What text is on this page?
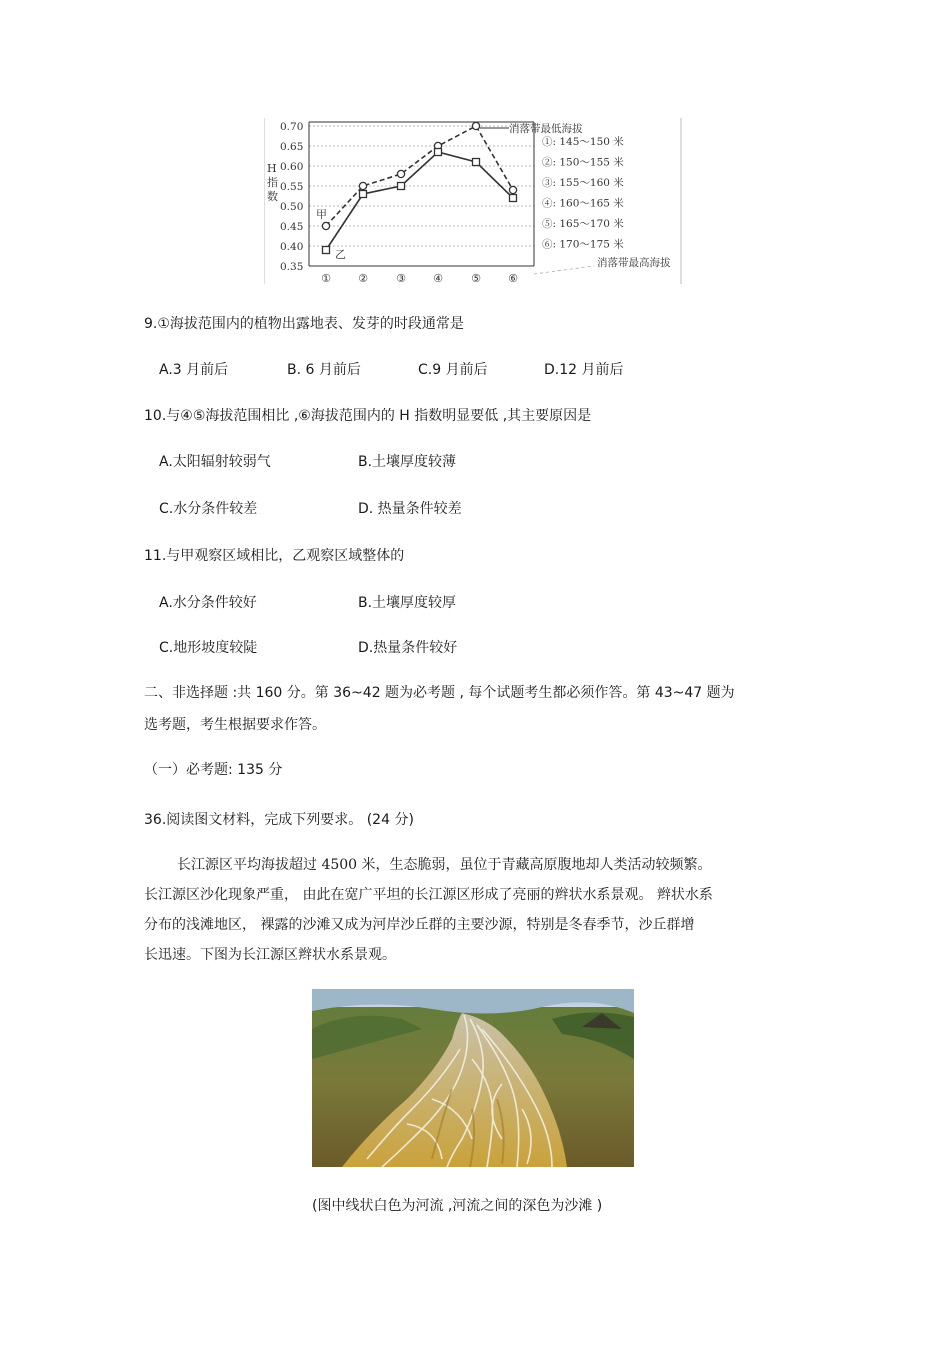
0.70
0.65
0.60
0.55
0.50
0.45
0.40
0.35
① ②	③ ④	⑤ ⑥
消落带最低海拔
①: 145～150 米
②: 150～155 米
③: 155～160 米
④: 160～165 米
⑤: 165～170 米
⑥: 170～175 米
消落带最高海拔
H 指数
甲
乙
9.①海拔范围内的植物出露地表、发芽的时段通常是
A.3 月前后	B. 6 月前后	C.9 月前后	D.12 月前后
10.与④⑤海拔范围相比 ,⑥海拔范围内的 H 指数明显要低 ,其主要原因是
A.太阳辐射较弱气	B.土壤厚度较薄
C.水分条件较差	D. 热量条件较差
11.与甲观察区域相比，乙观察区域整体的
A.水分条件较好	B.土壤厚度较厚
C.地形坡度较陡	D.热量条件较好
二、非选择题 :共 160 分。第 36~42 题为必考题 , 每个试题考生都必须作答。第 43~47 题为
选考题，考生根据要求作答。
（一）必考题: 135 分
36.阅读图文材料，完成下列要求。 (24 分)
长江源区平均海拔超过 4500 米，生态脆弱，虽位于青藏高原腹地却人类活动较频繁。
长江源区沙化现象严重， 由此在宽广平坦的长江源区形成了亮丽的辫状水系景观。 辫状水系
分布的浅滩地区， 裸露的沙滩又成为河岸沙丘群的主要沙源，特别是冬春季节，沙丘群增
长迅速。下图为长江源区辫状水系景观。
(图中线状白色为河流 ,河流之间的深色为沙滩 )
